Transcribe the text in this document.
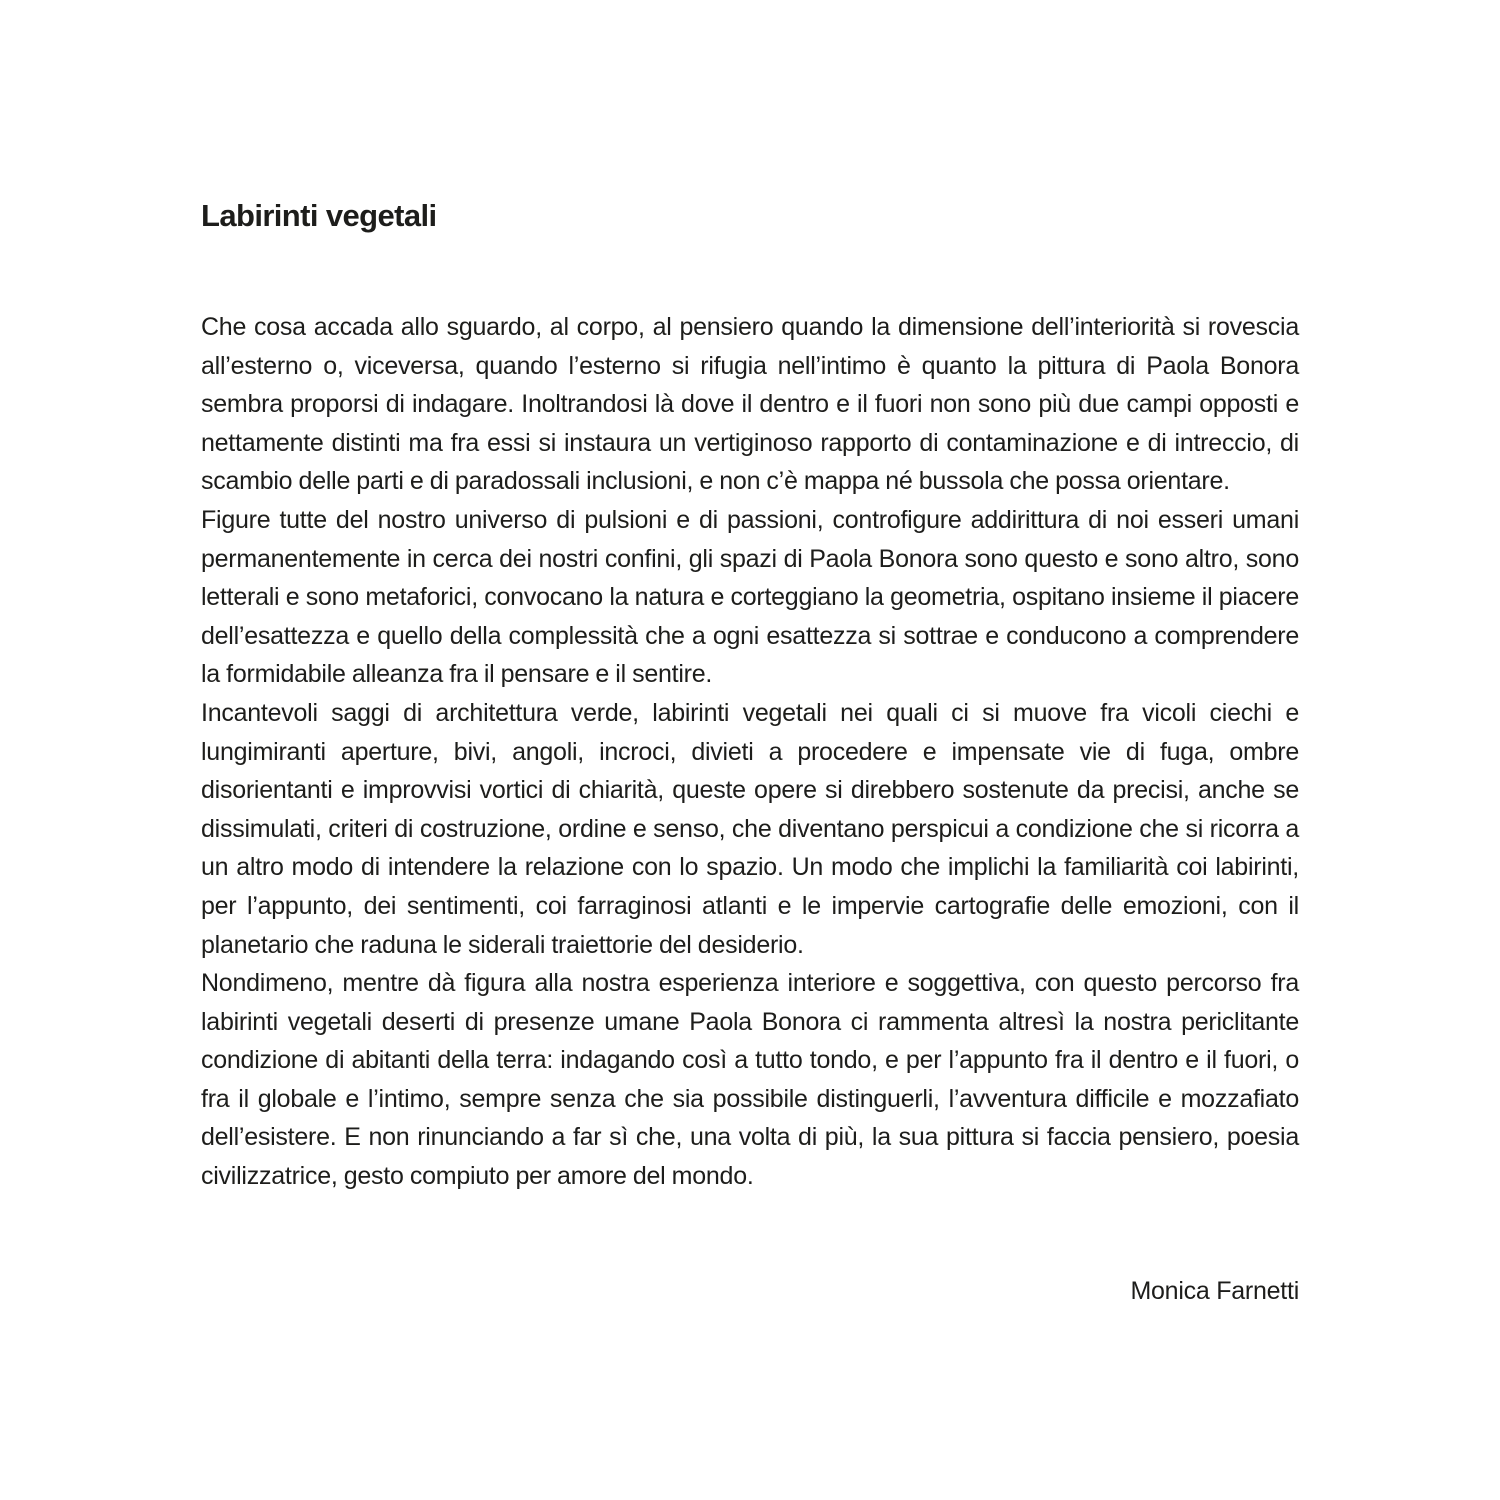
Labirinti vegetali

Che cosa accada allo sguardo, al corpo, al pensiero quando la dimensione dell’interiorità si rovescia all’esterno o, viceversa, quando l’esterno si rifugia nell’intimo è quanto la pittura di Paola Bonora sembra proporsi di indagare. Inoltrandosi là dove il dentro e il fuori non sono più due campi opposti e nettamente distinti ma fra essi si instaura un vertiginoso rapporto di contaminazione e di intreccio, di scambio delle parti e di paradossali inclusioni, e non c’è mappa né bussola che possa orientare.

Figure tutte del nostro universo di pulsioni e di passioni, controfigure addirittura di noi esseri umani permanentemente in cerca dei nostri confini, gli spazi di Paola Bonora sono questo e sono altro, sono letterali e sono metaforici, convocano la natura e corteggiano la geometria, ospitano insieme il piacere dell’esattezza e quello della complessità che a ogni esattezza si sottrae e conducono a comprendere la formidabile alleanza fra il pensare e il sentire.

Incantevoli saggi di architettura verde, labirinti vegetali nei quali ci si muove fra vicoli ciechi e lungimiranti aperture, bivi, angoli, incroci, divieti a procedere e impensate vie di fuga, ombre disorientanti e improvvisi vortici di chiarità, queste opere si direbbero sostenute da precisi, anche se dissimulati, criteri di costruzione, ordine e senso, che diventano perspicui a condizione che si ricorra a un altro modo di intendere la relazione con lo spazio. Un modo che implichi la familiarità coi labirinti, per l’appunto, dei sentimenti, coi farraginosi atlanti e le impervie cartografie delle emozioni, con il planetario che raduna le siderali traiettorie del desiderio.

Nondimeno, mentre dà figura alla nostra esperienza interiore e soggettiva, con questo percorso fra labirinti vegetali deserti di presenze umane Paola Bonora ci rammenta altresì la nostra periclitante condizione di abitanti della terra: indagando così a tutto tondo, e per l’appunto fra il dentro e il fuori, o fra il globale e l’intimo, sempre senza che sia possibile distinguerli, l’avventura difficile e mozzafiato dell’esistere. E non rinunciando a far sì che, una volta di più, la sua pittura si faccia pensiero, poesia civilizzatrice, gesto compiuto per amore del mondo.

Monica Farnetti
